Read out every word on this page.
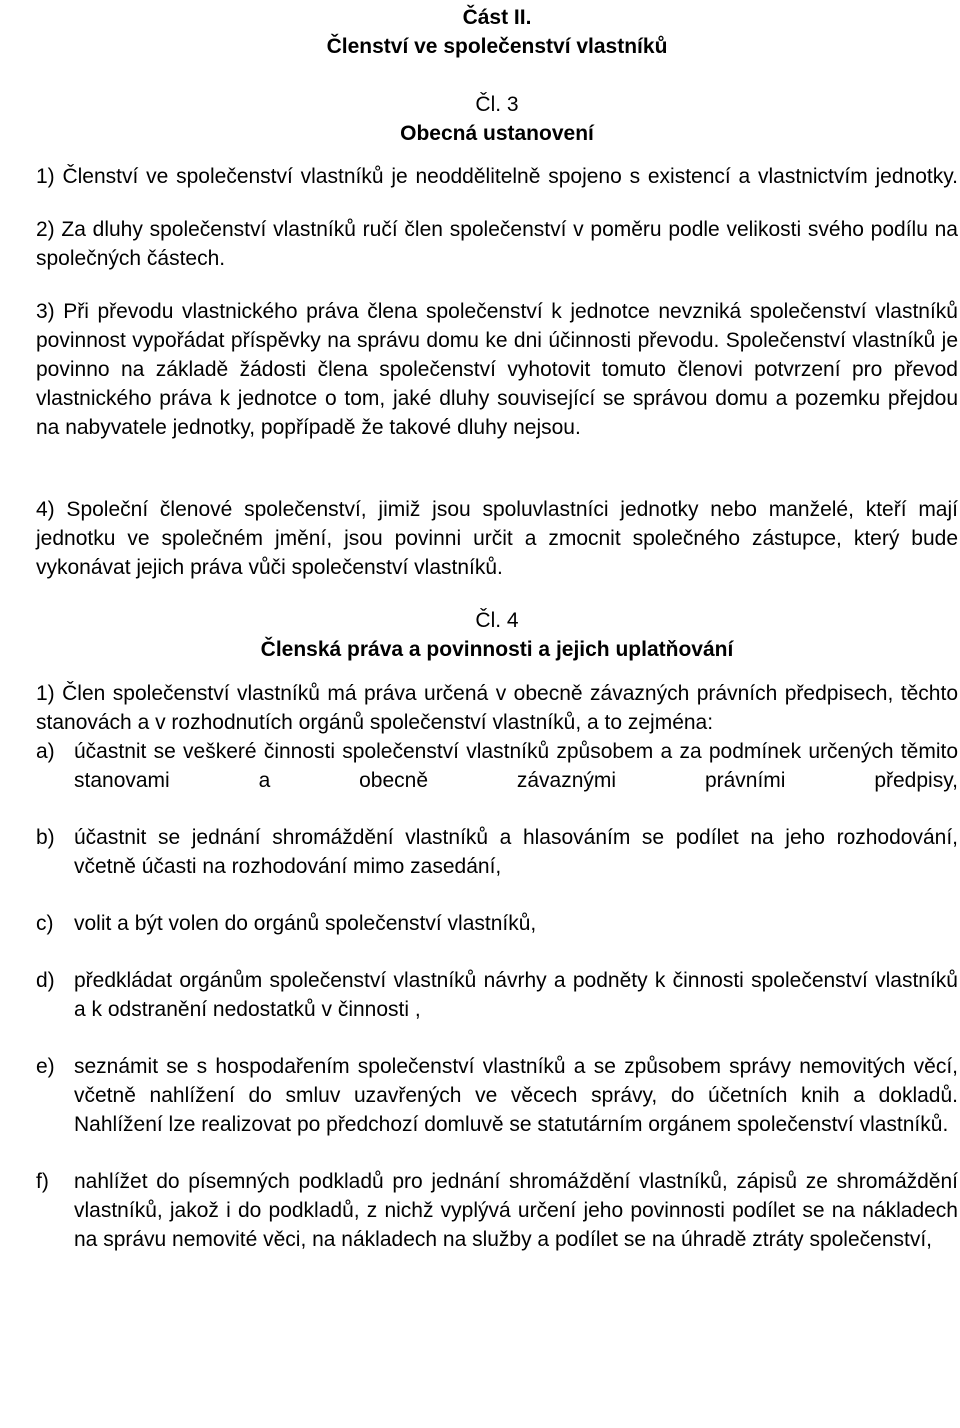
Část II.

Členství ve společenství vlastníků

Čl. 3

Obecná ustanovení

1) Členství ve společenství vlastníků je neoddělitelně spojeno s existencí a vlastnictvím jednotky.

2) Za dluhy společenství vlastníků ručí člen společenství v poměru podle velikosti svého podílu na společných částech.

3) Při převodu vlastnického práva člena společenství k jednotce nevzniká společenství vlastníků povinnost vypořádat příspěvky na správu domu ke dni účinnosti převodu. Společenství vlastníků je povinno na základě žádosti člena společenství vyhotovit tomuto členovi potvrzení pro převod vlastnického práva k jednotce o tom, jaké dluhy související se správou domu a pozemku přejdou na nabyvatele jednotky, popřípadě že takové dluhy nejsou.

4) Společní členové společenství, jimiž jsou spoluvlastníci jednotky nebo manželé, kteří mají jednotku ve společném jmění, jsou povinni určit a zmocnit společného zástupce, který bude vykonávat jejich práva vůči společenství vlastníků.

Čl. 4

Členská práva a povinnosti a jejich uplatňování

1) Člen společenství vlastníků má práva určená v obecně závazných právních předpisech, těchto stanovách a v rozhodnutích orgánů společenství vlastníků, a to zejména:

a) účastnit se veškeré činnosti společenství vlastníků způsobem a za podmínek určených těmito stanovami a obecně závaznými právními předpisy,
b) účastnit se jednání shromáždění vlastníků a hlasováním se podílet na jeho rozhodování, včetně účasti na rozhodování mimo zasedání,
c) volit a být volen do orgánů společenství vlastníků,
d) předkládat orgánům společenství vlastníků návrhy a podněty k činnosti společenství vlastníků a k odstranění nedostatků v činnosti ,
e) seznámit se s hospodařením společenství vlastníků a se způsobem správy nemovitých věcí, včetně nahlížení do smluv uzavřených ve věcech správy, do účetních knih a dokladů. Nahlížení lze realizovat po předchozí domluvě se statutárním orgánem společenství vlastníků.
f)	nahlížet do písemných podkladů pro jednání shromáždění vlastníků, zápisů ze shromáždění vlastníků, jakož i do podkladů, z nichž vyplývá určení jeho povinnosti podílet se na nákladech na správu nemovité věci, na nákladech na služby a podílet se na úhradě ztráty společenství,
